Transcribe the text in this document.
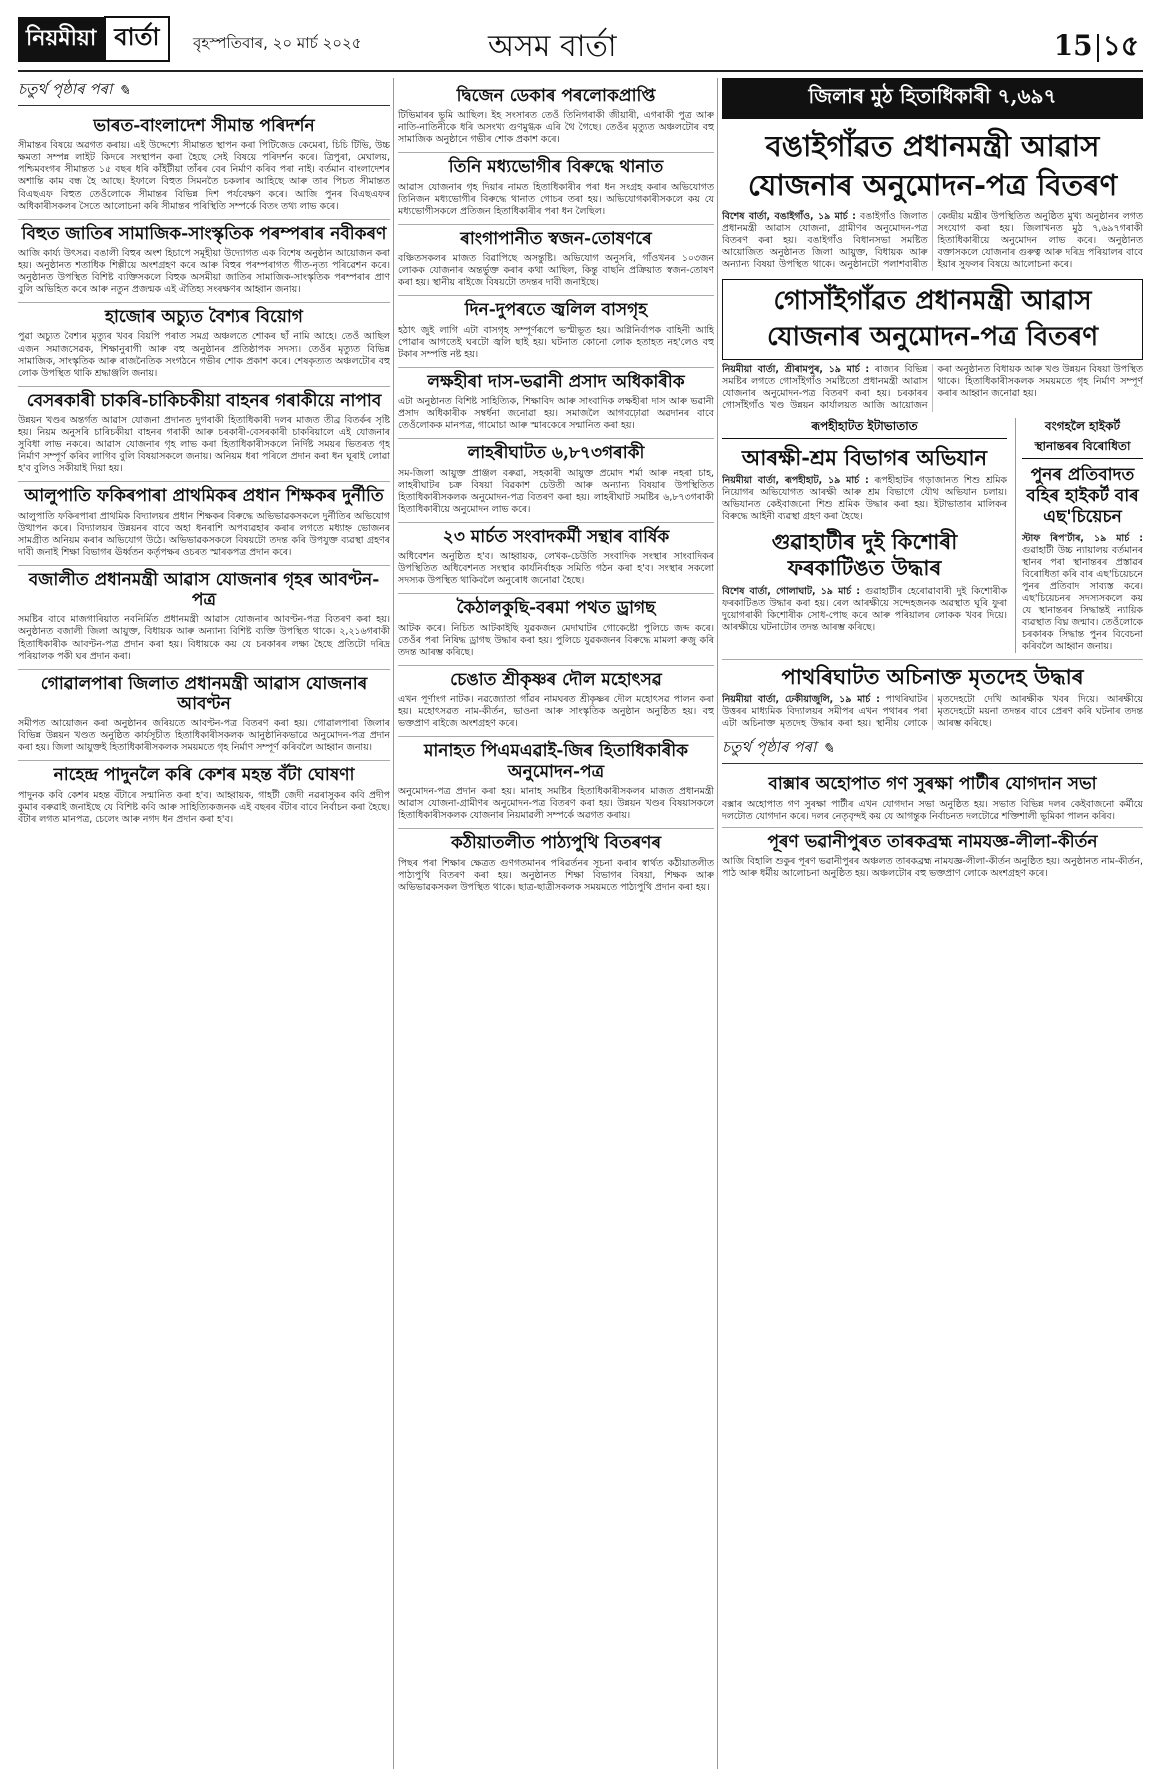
নিয়মীয়া বাৰ্তা	বৃহস্পতিবাৰ, ২০ মাৰ্চ ২০২৫	অসম বাৰ্তা	15 ১৫
চতুৰ্থ পৃষ্ঠাৰ পৰা ✎
ভাৰত-বাংলাদেশ সীমান্ত পৰিদৰ্শন
সীমান্তৰ বিষয়ে অৱগত কৰায়। এই উদ্দেশ্যে সীমান্তত স্থাপন কৰা পিটিজেড কেমেৰা, চিচি টিভি, উচ্চ ক্ষমতা সম্পন্ন লাইট কিদৰে সংস্থাপন কৰা হৈছে সেই বিষয়ে পৰিদৰ্শন কৰে। ত্ৰিপুৰা, মেঘালয়, পশ্চিমবংগৰ সীমান্তত ১৫ বছৰ ধৰি কাঁইটীয়া তাঁৰৰ বেৰ নিৰ্মাণ কৰিব পৰা নাই। বৰ্তমান বাংলাদেশৰ অশান্তি কাম বন্ধ হৈ আছে। ইফালে বিহুত সিমনতৈ চকলাৰ আহিছে আৰু তাৰ পিচত সীমান্তত বিএছএফ বিহুত তেওঁলোকে সীমান্তৰ বিভিন্ন দিশ পৰ্যবেক্ষণ কৰে। আজি পুনৰ বিএছএফৰ অধিকাৰীসকলৰ সৈতে আলোচনা কৰি সীমান্তৰ পৰিস্থিতি সম্পৰ্কে বিতং তথ্য লাভ কৰে।
বিহুত জাতিৰ সামাজিক-সাংস্কৃতিক পৰম্পৰাৰ নবীকৰণ
আজি কাৰ্য্য উৎসৱ। বঙালী বিহুৰ অংশ হিচাপে সমূহীয়া উদ্যোগত এক বিশেষ অনুষ্ঠান আয়োজন কৰা হয়। অনুষ্ঠানত শতাধিক শিল্পীয়ে অংশগ্ৰহণ কৰে আৰু বিহুৰ পৰম্পৰাগত গীত-নৃত্য পৰিৱেশন কৰে। অনুষ্ঠানত উপস্থিত বিশিষ্ট ব্যক্তিসকলে বিহুক অসমীয়া জাতিৰ সামাজিক-সাংস্কৃতিক পৰম্পৰাৰ প্ৰাণ বুলি অভিহিত কৰে আৰু নতুন প্ৰজন্মক এই ঐতিহ্য সংৰক্ষণৰ আহ্বান জনায়।
হাজোৰ অচ্যুত বৈশ্যৰ বিয়োগ
পুৱা অচ্যুত বৈশ্যৰ মৃত্যুৰ খবৰ বিয়পি পৰাত সমগ্ৰ অঞ্চলতে শোকৰ ছাঁ নামি আহে। তেওঁ আছিল এজন সমাজসেৱক, শিক্ষানুৰাগী আৰু বহু অনুষ্ঠানৰ প্ৰতিষ্ঠাপক সদস্য। তেওঁৰ মৃত্যুত বিভিন্ন সামাজিক, সাংস্কৃতিক আৰু ৰাজনৈতিক সংগঠনে গভীৰ শোক প্ৰকাশ কৰে। শেষকৃত্যত অঞ্চলটোৰ বহু লোক উপস্থিত থাকি শ্ৰদ্ধাঞ্জলি জনায়।
বেসৰকাৰী চাকৰি-চাকিচকীয়া বাহনৰ গৰাকীয়ে নাপাব
উন্নয়ন খণ্ডৰ অন্তৰ্গত আৱাস যোজনা প্ৰদানত দুগৰাকী হিতাধিকাৰী দলৰ মাজত তীব্ৰ বিতৰ্কৰ সৃষ্টি হয়। নিয়ম অনুসৰি চাৰিচকীয়া বাহনৰ গৰাকী আৰু চৰকাৰী-বেসৰকাৰী চাকৰিয়ালে এই যোজনাৰ সুবিধা লাভ নকৰে। আৱাস যোজনাৰ গৃহ লাভ কৰা হিতাধিকাৰীসকলে নিৰ্দিষ্ট সময়ৰ ভিতৰত গৃহ নিৰ্মাণ সম্পূৰ্ণ কৰিব লাগিব বুলি বিষয়াসকলে জনায়। অনিয়ম ধৰা পৰিলে প্ৰদান কৰা ধন ঘূৰাই লোৱা হ'ব বুলিও সকীয়াই দিয়া হয়।
আলুপাতি ফকিৰপাৰা প্ৰাথমিকৰ প্ৰধান শিক্ষকৰ দুৰ্নীতি
আলুপাতি ফকিৰপাৰা প্ৰাথমিক বিদ্যালয়ৰ প্ৰধান শিক্ষকৰ বিৰুদ্ধে অভিভাৱকসকলে দুৰ্নীতিৰ অভিযোগ উত্থাপন কৰে। বিদ্যালয়ৰ উন্নয়নৰ বাবে অহা ধনৰাশি অপব্যৱহাৰ কৰাৰ লগতে মধ্যাহ্ন ভোজনৰ সামগ্ৰীত অনিয়ম কৰাৰ অভিযোগ উঠে। অভিভাৱকসকলে বিষয়টো তদন্ত কৰি উপযুক্ত ব্যৱস্থা গ্ৰহণৰ দাবী জনাই শিক্ষা বিভাগৰ ঊৰ্ধ্বতন কৰ্তৃপক্ষৰ ওচৰত স্মাৰকপত্ৰ প্ৰদান কৰে।
বজালীত প্ৰধানমন্ত্ৰী আৱাস যোজনাৰ গৃহৰ আবণ্টন-পত্ৰ
সমষ্টিৰ বাবে মাজগাৰিয়াত নবনিৰ্মিত প্ৰধানমন্ত্ৰী আৱাস যোজনাৰ আবণ্টন-পত্ৰ বিতৰণ কৰা হয়। অনুষ্ঠানত বজালী জিলা আয়ুক্ত, বিধায়ক আৰু অন্যান্য বিশিষ্ট ব্যক্তি উপস্থিত থাকে। ২,২১৬গৰাকী হিতাধিকাৰীক আবণ্টন-পত্ৰ প্ৰদান কৰা হয়। বিধায়কে কয় যে চৰকাৰৰ লক্ষ্য হৈছে প্ৰতিটো দৰিদ্ৰ পৰিয়ালক পকী ঘৰ প্ৰদান কৰা।
গোৱালপাৰা জিলাত প্ৰধানমন্ত্ৰী আৱাস যোজনাৰ আবণ্টন
সমীপত আয়োজন কৰা অনুষ্ঠানৰ জৰিয়তে আবণ্টন-পত্ৰ বিতৰণ কৰা হয়। গোৱালপাৰা জিলাৰ বিভিন্ন উন্নয়ন খণ্ডত অনুষ্ঠিত কাৰ্যসূচীত হিতাধিকাৰীসকলক আনুষ্ঠানিকভাৱে অনুমোদন-পত্ৰ প্ৰদান কৰা হয়। জিলা আয়ুক্তই হিতাধিকাৰীসকলক সময়মতে গৃহ নিৰ্মাণ সম্পূৰ্ণ কৰিবলৈ আহ্বান জনায়।
নাহেন্দ্ৰ পাদুনলৈ কৰি কেশৰ মহন্ত বঁটা ঘোষণা
পাদুনক কবি কেশৰ মহন্ত বঁটাৰে সন্মানিত কৰা হ'ব। আহ্বায়ক, গাহটী জেদী নৱৰাসুকৰ কবি প্ৰদীপ কুমাৰ বৰুৱাই জনাইছে যে বিশিষ্ট কবি আৰু সাহিত্যিকজনক এই বছৰৰ বঁটাৰ বাবে নিৰ্বাচন কৰা হৈছে। বঁটাৰ লগত মানপত্ৰ, চেলেং আৰু নগদ ধন প্ৰদান কৰা হ'ব।
দ্বিজেন ডেকাৰ পৰলোকপ্ৰাপ্তি
টিভিমাৰৰ ভূমি আছিল। ইহ সংসাৰত তেওঁ তিনিগৰাকী জীয়াৰী, এগৰাকী পুত্ৰ আৰু নাতি-নাতিনীকে ধৰি অসংখ্য গুণমুগ্ধক এৰি থৈ গৈছে। তেওঁৰ মৃত্যুত অঞ্চলটোৰ বহু সামাজিক অনুষ্ঠানে গভীৰ শোক প্ৰকাশ কৰে।
তিনি মধ্যভোগীৰ বিৰুদ্ধে থানাত
আৱাস যোজনাৰ গৃহ দিয়াৰ নামত হিতাধিকাৰীৰ পৰা ধন সংগ্ৰহ কৰাৰ অভিযোগত তিনিজন মধ্যভোগীৰ বিৰুদ্ধে থানাত গোচৰ তৰা হয়। অভিযোগকাৰীসকলে কয় যে মধ্যভোগীসকলে প্ৰতিজন হিতাধিকাৰীৰ পৰা ধন লৈছিল।
ৰাংগাপানীত স্বজন-তোষণৰে
বঞ্চিতসকলৰ মাজত বিৱাপিছে অসন্তুষ্টি। অভিযোগ অনুসৰি, গাঁওখনৰ ১০৩জন লোকক যোজনাৰ অন্তৰ্ভুক্ত কৰাৰ কথা আছিল, কিন্তু বাছনি প্ৰক্ৰিয়াত স্বজন-তোষণ কৰা হয়। স্থানীয় ৰাইজে বিষয়টো তদন্তৰ দাবী জনাইছে।
দিন-দুপৰতে জ্বলিল বাসগৃহ
হঠাৎ জুই লাগি এটা বাসগৃহ সম্পূৰ্ণৰূপে ভস্মীভূত হয়। অগ্নিনিৰ্বাপক বাহিনী আহি পোৱাৰ আগতেই ঘৰটো জ্বলি ছাই হয়। ঘটনাত কোনো লোক হতাহত নহ'লেও বহু টকাৰ সম্পত্তি নষ্ট হয়।
লক্ষহীৰা দাস-ভৱানী প্ৰসাদ অধিকাৰীক
এটা অনুষ্ঠানত বিশিষ্ট সাহিত্যিক, শিক্ষাবিদ আৰু সাংবাদিক লক্ষহীৰা দাস আৰু ভৱানী প্ৰসাদ অধিকাৰীক সম্বৰ্ধনা জনোৱা হয়। সমাজলৈ আগবঢ়োৱা অৱদানৰ বাবে তেওঁলোকক মানপত্ৰ, গামোচা আৰু স্মাৰকেৰে সন্মানিত কৰা হয়।
লাহৰীঘাটত ৬,৮৭৩গৰাকী
সম-জিলা আয়ুক্ত প্ৰাঞ্জল বৰুৱা, সহকাৰী আয়ুক্ত প্ৰমোদ শৰ্মা আৰু নহৰা চাহ, লাহৰীঘাটৰ চক্ৰ বিষয়া বিৱকাশ চেউতী আৰু অন্যান্য বিষয়াৰ উপস্থিতিত হিতাধিকাৰীসকলক অনুমোদন-পত্ৰ বিতৰণ কৰা হয়। লাহৰীঘাট সমষ্টিৰ ৬,৮৭৩গৰাকী হিতাধিকাৰীয়ে অনুমোদন লাভ কৰে।
২৩ মাৰ্চত সংবাদকৰ্মী সন্থাৰ বাৰ্ষিক
অধিবেশন অনুষ্ঠিত হ'ব। আহ্বায়ক, লেখক-চেউতি সংবাদিক সংস্থাৰ সাংবাদিকৰ উপস্থিতিত অধিবেশনত সংস্থাৰ কাৰ্যনিৰ্বাহক সমিতি গঠন কৰা হ'ব। সংস্থাৰ সকলো সদস্যক উপস্থিত থাকিবলৈ অনুৰোধ জনোৱা হৈছে।
কৈঠালকুছি-বৰমা পথত ড্ৰাগছ
আটক কৰে। নিচিত আটকাইছি যুৱকজন মেদাঘাটৰ গোকেষ্টো পুলিচে জব্দ কৰে। তেওঁৰ পৰা নিষিদ্ধ ড্ৰাগছ উদ্ধাৰ কৰা হয়। পুলিচে যুৱকজনৰ বিৰুদ্ধে মামলা ৰুজু কৰি তদন্ত আৰম্ভ কৰিছে।
চেঙাত শ্ৰীকৃষ্ণৰ দৌল মহোৎসৱ
এখন পূৰ্ণাংগ নাটক। নৱজ্যোতা গাঁৱৰ নামঘৰত শ্ৰীকৃষ্ণৰ দৌল মহোৎসৱ পালন কৰা হয়। মহোৎসৱত নাম-কীৰ্তন, ভাওনা আৰু সাংস্কৃতিক অনুষ্ঠান অনুষ্ঠিত হয়। বহু ভক্তপ্ৰাণ ৰাইজে অংশগ্ৰহণ কৰে।
মানাহত পিএমএৱাই-জিৰ হিতাধিকাৰীক অনুমোদন-পত্ৰ
অনুমোদন-পত্ৰ প্ৰদান কৰা হয়। মানাহ সমষ্টিৰ হিতাধিকাৰীসকলৰ মাজত প্ৰধানমন্ত্ৰী আৱাস যোজনা-গ্ৰামীণৰ অনুমোদন-পত্ৰ বিতৰণ কৰা হয়। উন্নয়ন খণ্ডৰ বিষয়াসকলে হিতাধিকাৰীসকলক যোজনাৰ নিয়মাৱলী সম্পৰ্কে অৱগত কৰায়।
কঠীয়াতলীত পাঠ্যপুথি বিতৰণৰ
পিছৰ পৰা শিক্ষাৰ ক্ষেত্ৰত গুণগতমানৰ পৰিৱৰ্তনৰ সূচনা কৰাৰ স্বাৰ্থত কঠীয়াতলীত পাঠ্যপুথি বিতৰণ কৰা হয়। অনুষ্ঠানত শিক্ষা বিভাগৰ বিষয়া, শিক্ষক আৰু অভিভাৱকসকল উপস্থিত থাকে। ছাত্ৰ-ছাত্ৰীসকলক সময়মতে পাঠ্যপুথি প্ৰদান কৰা হয়।
জিলাৰ মুঠ হিতাধিকাৰী ৭,৬৯৭
বঙাইগাঁৱত প্ৰধানমন্ত্ৰী আৱাস যোজনাৰ অনুমোদন-পত্ৰ বিতৰণ
বিশেষ বাৰ্তা, বঙাইগাঁও, ১৯ মাৰ্চ : বঙাইগাঁও জিলাত প্ৰধানমন্ত্ৰী আৱাস যোজনা, গ্ৰামীণৰ অনুমোদন-পত্ৰ বিতৰণ কৰা হয়। বঙাইগাঁও বিধানসভা সমষ্টিত আয়োজিত অনুষ্ঠানত জিলা আয়ুক্ত, বিধায়ক আৰু অন্যান্য বিষয়া উপস্থিত থাকে। অনুষ্ঠানটো পলাশবাৰীত কেন্দ্ৰীয় মন্ত্ৰীৰ উপস্থিতিত অনুষ্ঠিত মুখ্য অনুষ্ঠানৰ লগত সংযোগ কৰা হয়। জিলাখনত মুঠ ৭,৬৯৭গৰাকী হিতাধিকাৰীয়ে অনুমোদন লাভ কৰে। অনুষ্ঠানত বক্তাসকলে যোজনাৰ গুৰুত্ব আৰু দৰিদ্ৰ পৰিয়ালৰ বাবে ইয়াৰ সুফলৰ বিষয়ে আলোচনা কৰে।
গোসাঁইগাঁৱত প্ৰধানমন্ত্ৰী আৱাস যোজনাৰ অনুমোদন-পত্ৰ বিতৰণ
নিয়মীয়া বাৰ্তা, শ্ৰীৰামপুৰ, ১৯ মাৰ্চ : ৰাজ্যৰ বিভিন্ন সমষ্টিৰ লগতে গোসাঁইগাঁও সমষ্টিতো প্ৰধানমন্ত্ৰী আৱাস যোজনাৰ অনুমোদন-পত্ৰ বিতৰণ কৰা হয়। চৰকাৰৰ গোসাঁইগাঁও খণ্ড উন্নয়ন কাৰ্যালয়ত আজি আয়োজন কৰা অনুষ্ঠানত বিধায়ক আৰু খণ্ড উন্নয়ন বিষয়া উপস্থিত থাকে। হিতাধিকাৰীসকলক সময়মতে গৃহ নিৰ্মাণ সম্পূৰ্ণ কৰাৰ আহ্বান জনোৱা হয়।
ৰূপহীহাটত ইটাভাতাত
আৰক্ষী-শ্ৰম বিভাগৰ অভিযান
নিয়মীয়া বাৰ্তা, ৰূপহীহাট, ১৯ মাৰ্চ : ৰূপহীহাটৰ গড়াজানত শিশু শ্ৰমিক নিয়োগৰ অভিযোগত আৰক্ষী আৰু শ্ৰম বিভাগে যৌথ অভিযান চলায়। অভিযানত কেইবাজনো শিশু শ্ৰমিক উদ্ধাৰ কৰা হয়। ইটাভাতাৰ মালিকৰ বিৰুদ্ধে আইনী ব্যৱস্থা গ্ৰহণ কৰা হৈছে।
গুৱাহাটীৰ দুই কিশোৰী ফৰকাটিঙত উদ্ধাৰ
বিশেষ বাৰ্তা, গোলাঘাট, ১৯ মাৰ্চ : গুৱাহাটীৰ হেৰোৱাবাৰী দুই কিশোৰীক ফৰকাটিঙত উদ্ধাৰ কৰা হয়। ৰেল আৰক্ষীয়ে সন্দেহজনক অৱস্থাত ঘূৰি ফুৰা দুয়োগৰাকী কিশোৰীক সোধ-পোছ কৰে আৰু পৰিয়ালৰ লোকক খবৰ দিয়ে। আৰক্ষীয়ে ঘটনাটোৰ তদন্ত আৰম্ভ কৰিছে।
বংগহলৈ হাইকৰ্ট স্থানান্তৰৰ বিৰোধিতা
পুনৰ প্ৰতিবাদত বহিৰ হাইকৰ্ট বাৰ এছ'চিয়েচন
স্টাফ ৰিপ'ৰ্টাৰ, ১৯ মাৰ্চ : গুৱাহাটী উচ্চ ন্যায়ালয় বৰ্তমানৰ স্থানৰ পৰা স্থানান্তৰৰ প্ৰস্তাৱৰ বিৰোধিতা কৰি বাৰ এছ'চিয়েচনে পুনৰ প্ৰতিবাদ সাব্যস্ত কৰে। এছ'চিয়েচনৰ সদস্যসকলে কয় যে স্থানান্তৰৰ সিদ্ধান্তই ন্যায়িক ব্যৱস্থাত বিঘ্ন জন্মাব। তেওঁলোকে চৰকাৰক সিদ্ধান্ত পুনৰ বিবেচনা কৰিবলৈ আহ্বান জনায়।
পাথৰিঘাটত অচিনাক্ত মৃতদেহ উদ্ধাৰ
নিয়মীয়া বাৰ্তা, ঢেকীয়াজুলি, ১৯ মাৰ্চ : পাথৰিঘাটৰ উত্তৰৰ মাধ্যমিক বিদ্যালয়ৰ সমীপৰ এখন পথাৰৰ পৰা এটা অচিনাক্ত মৃতদেহ উদ্ধাৰ কৰা হয়। স্থানীয় লোকে মৃতদেহটো দেখি আৰক্ষীক খবৰ দিয়ে। আৰক্ষীয়ে মৃতদেহটো ময়না তদন্তৰ বাবে প্ৰেৰণ কৰি ঘটনাৰ তদন্ত আৰম্ভ কৰিছে।
চতুৰ্থ পৃষ্ঠাৰ পৰা ✎
বাক্সাৰ অহোপাত গণ সুৰক্ষা পাৰ্টীৰ যোগদান সভা
বক্সাৰ অহোপাত গণ সুৰক্ষা পাৰ্টীৰ এখন যোগদান সভা অনুষ্ঠিত হয়। সভাত বিভিন্ন দলৰ কেইবাজনো কৰ্মীয়ে দলটোত যোগদান কৰে। দলৰ নেতৃবৃন্দই কয় যে আগন্তুক নিৰ্বাচনত দলটোৱে শক্তিশালী ভূমিকা পালন কৰিব।
পূৰণ ভৱানীপুৰত তাৰকব্ৰহ্ম নামযজ্ঞ-লীলা-কীৰ্তন
আজি বিহালি শুকুৰ পূৰণ ভৱানীপুৰৰ অঞ্চলত তাৰকব্ৰহ্ম নামযজ্ঞ-লীলা-কীৰ্তন অনুষ্ঠিত হয়। অনুষ্ঠানত নাম-কীৰ্তন, পাঠ আৰু ধৰ্মীয় আলোচনা অনুষ্ঠিত হয়। অঞ্চলটোৰ বহু ভক্তপ্ৰাণ লোকে অংশগ্ৰহণ কৰে।
